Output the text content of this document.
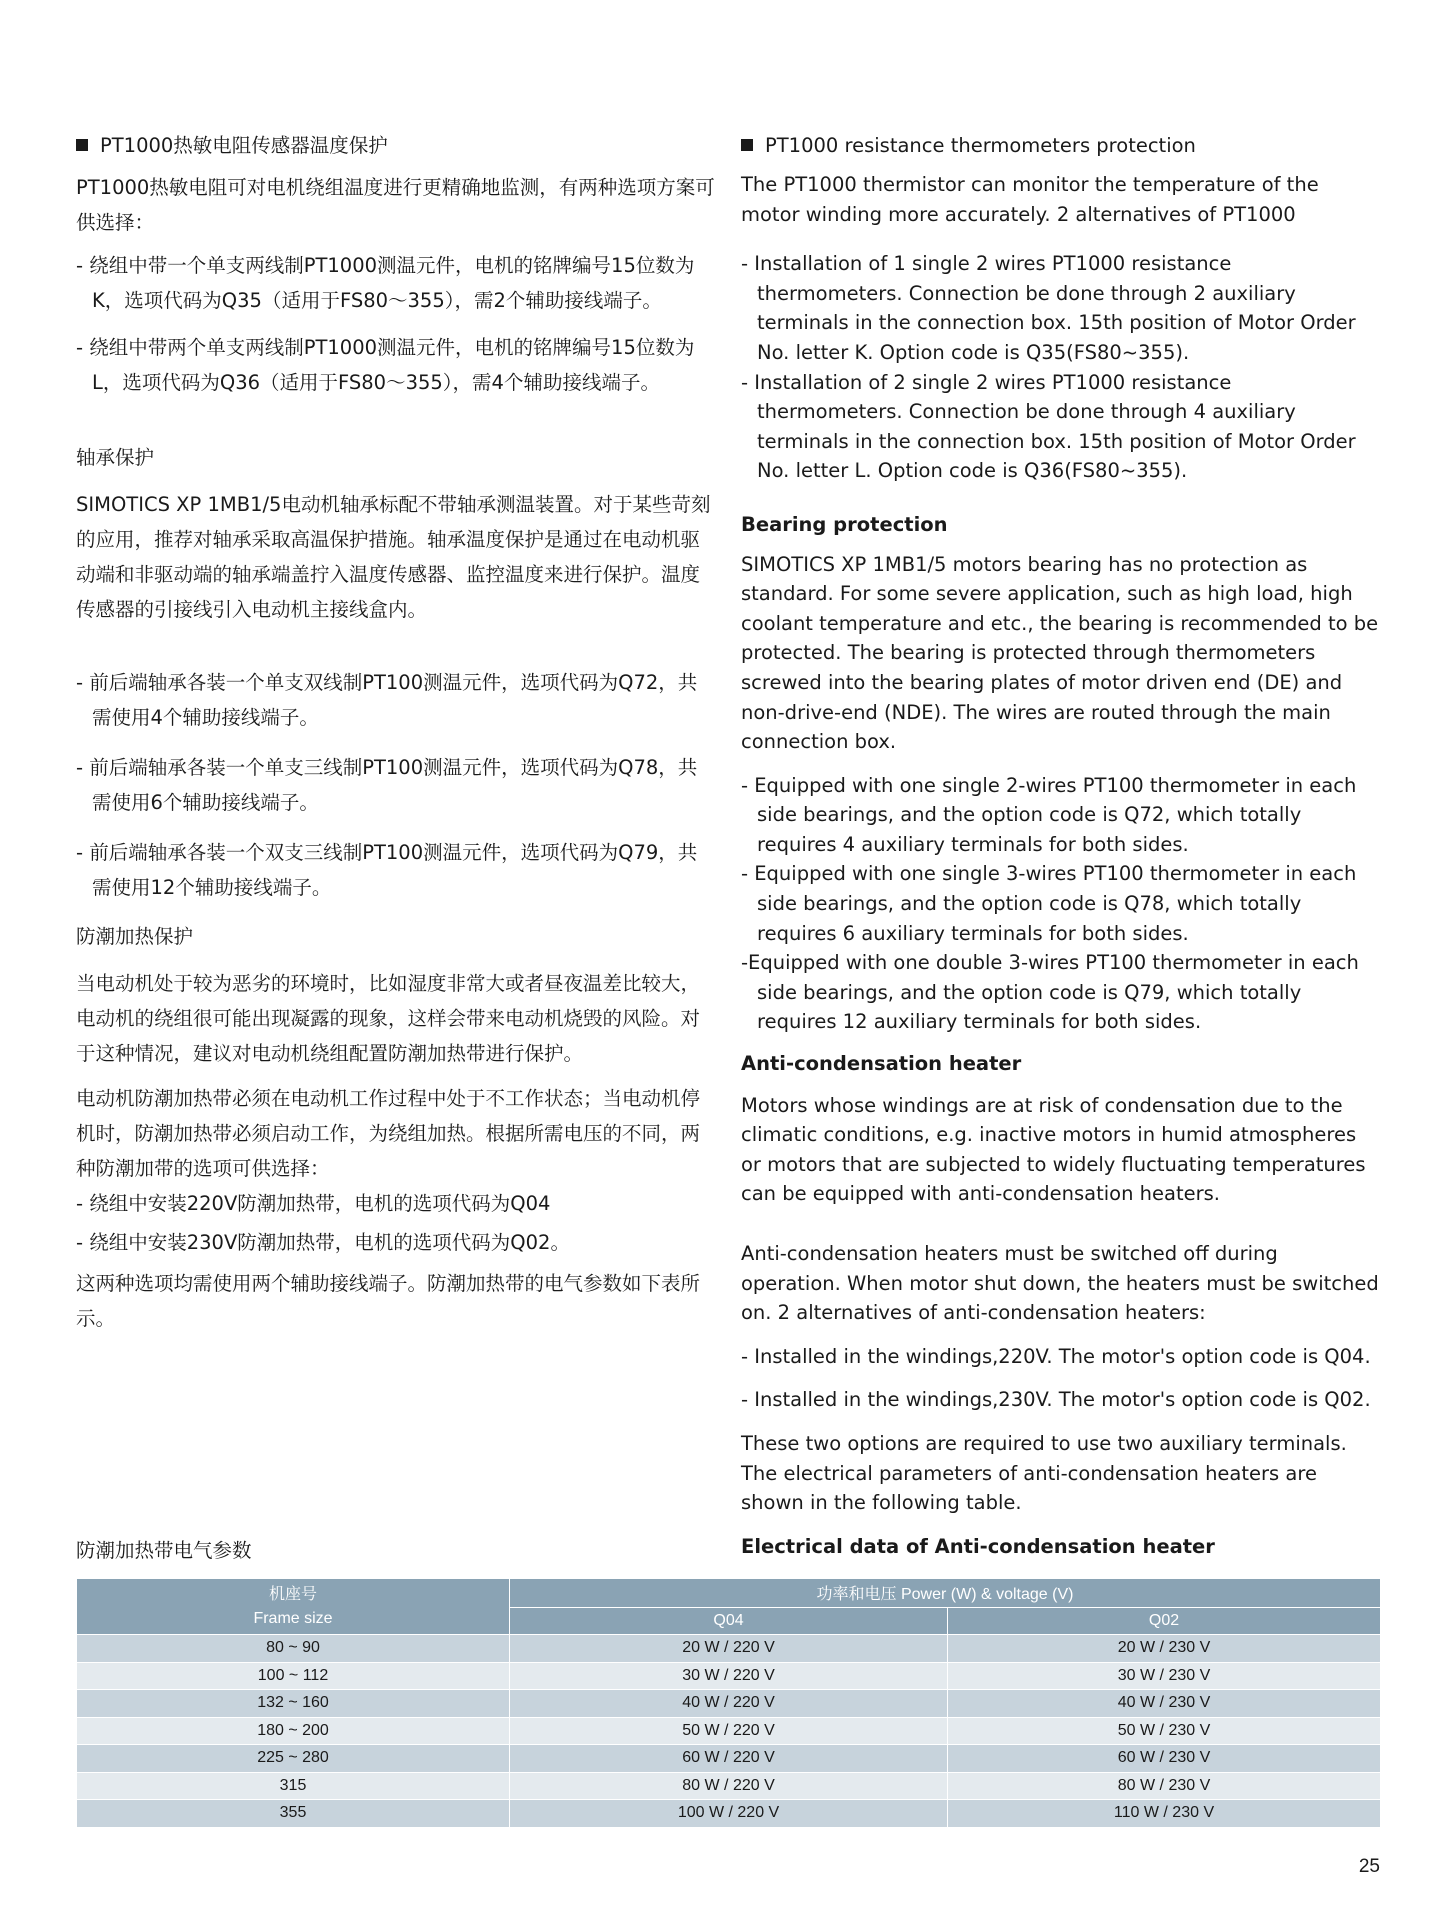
PT1000热敏电阻传感器温度保护

PT1000热敏电阻可对电机绕组温度进行更精确地监测，有两种选项方案可供选择：

- 绕组中带一个单支两线制PT1000测温元件，电机的铭牌编号15位数为K，选项代码为Q35（适用于FS80～355），需2个辅助接线端子。

- 绕组中带两个单支两线制PT1000测温元件，电机的铭牌编号15位数为L，选项代码为Q36（适用于FS80～355），需4个辅助接线端子。

轴承保护

SIMOTICS XP 1MB1/5电动机轴承标配不带轴承测温装置。对于某些苛刻的应用，推荐对轴承采取高温保护措施。轴承温度保护是通过在电动机驱动端和非驱动端的轴承端盖拧入温度传感器、监控温度来进行保护。温度传感器的引接线引入电动机主接线盒内。

- 前后端轴承各装一个单支双线制PT100测温元件，选项代码为Q72，共需使用4个辅助接线端子。

- 前后端轴承各装一个单支三线制PT100测温元件，选项代码为Q78，共需使用6个辅助接线端子。

- 前后端轴承各装一个双支三线制PT100测温元件，选项代码为Q79，共需使用12个辅助接线端子。

防潮加热保护

当电动机处于较为恶劣的环境时，比如湿度非常大或者昼夜温差比较大，电动机的绕组很可能出现凝露的现象，这样会带来电动机烧毁的风险。对于这种情况，建议对电动机绕组配置防潮加热带进行保护。

电动机防潮加热带必须在电动机工作过程中处于不工作状态；当电动机停机时，防潮加热带必须启动工作，为绕组加热。根据所需电压的不同，两种防潮加带的选项可供选择：

- 绕组中安装220V防潮加热带，电机的选项代码为Q04

- 绕组中安装230V防潮加热带，电机的选项代码为Q02。

这两种选项均需使用两个辅助接线端子。防潮加热带的电气参数如下表所示。

PT1000 resistance thermometers protection

The PT1000 thermistor can monitor the temperature of the motor winding more accurately. 2 alternatives of PT1000

- Installation of 1 single 2 wires PT1000 resistance thermometers. Connection be done through 2 auxiliary terminals in the connection box. 15th position of Motor Order No. letter K. Option code is Q35(FS80~355).

- Installation of 2 single 2 wires PT1000 resistance thermometers. Connection be done through 4 auxiliary terminals in the connection box. 15th position of Motor Order No. letter L. Option code is Q36(FS80~355).

Bearing protection

SIMOTICS XP 1MB1/5 motors bearing has no protection as standard. For some severe application, such as high load, high coolant temperature and etc., the bearing is recommended to be protected. The bearing is protected through thermometers screwed into the bearing plates of motor driven end (DE) and non-drive-end (NDE). The wires are routed through the main connection box.

- Equipped with one single 2-wires PT100 thermometer in each side bearings, and the option code is Q72, which totally requires 4 auxiliary terminals for both sides.

- Equipped with one single 3-wires PT100 thermometer in each side bearings, and the option code is Q78, which totally requires 6 auxiliary terminals for both sides.

-Equipped with one double 3-wires PT100 thermometer in each side bearings, and the option code is Q79, which totally requires 12 auxiliary terminals for both sides.

Anti-condensation heater

Motors whose windings are at risk of condensation due to the climatic conditions, e.g. inactive motors in humid atmospheres or motors that are subjected to widely fluctuating temperatures can be equipped with anti-condensation heaters.

Anti-condensation heaters must be switched off during operation. When motor shut down, the heaters must be switched on. 2 alternatives of anti-condensation heaters:

- Installed in the windings,220V. The motor's option code is Q04.

- Installed in the windings,230V. The motor's option code is Q02.

These two options are required to use two auxiliary terminals. The electrical parameters of anti-condensation heaters are shown in the following table.

防潮加热带电气参数	Electrical data of Anti-condensation heater
机座号
Frame size	功率和电压 Power (W) & voltage (V)	
	Q04	Q02
80 ~ 90	20 W / 220 V	20 W / 230 V
100 ~ 112	30 W / 220 V	30 W / 230 V
132 ~ 160	40 W / 220 V	40 W / 230 V
180 ~ 200	50 W / 220 V	50 W / 230 V
225 ~ 280	60 W / 220 V	60 W / 230 V
315	80 W / 220 V	80 W / 230 V
355	100 W / 220 V	110 W / 230 V
25
